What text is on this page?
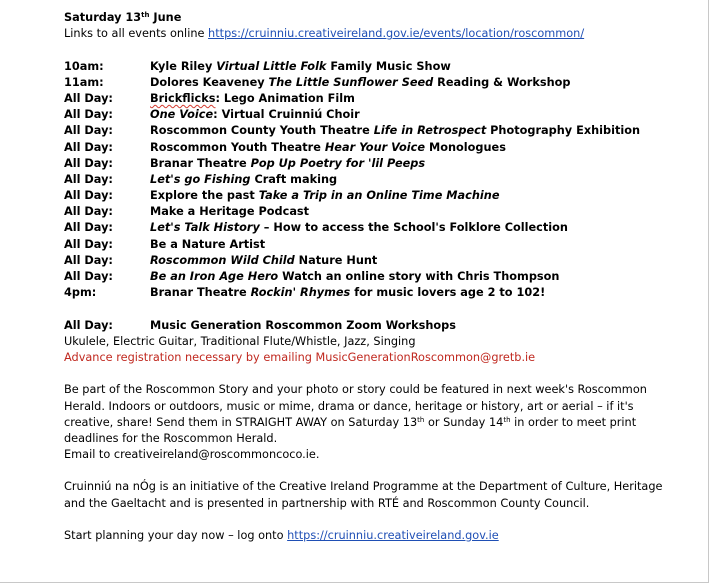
Saturday 13th June
Links to all events online https://cruinniu.creativeireland.gov.ie/events/location/roscommon/
10am:	Kyle Riley Virtual Little Folk Family Music Show
11am:	Dolores Keaveney The Little Sunflower Seed Reading & Workshop
All Day:	Brickflicks: Lego Animation Film
All Day:	One Voice: Virtual Cruinniú Choir
All Day:	Roscommon County Youth Theatre Life in Retrospect Photography Exhibition
All Day:	Roscommon Youth Theatre Hear Your Voice Monologues
All Day:	Branar Theatre Pop Up Poetry for 'lil Peeps
All Day:	Let's go Fishing Craft making
All Day:	Explore the past Take a Trip in an Online Time Machine
All Day:	Make a Heritage Podcast
All Day:	Let's Talk History – How to access the School's Folklore Collection
All Day:	Be a Nature Artist
All Day:	Roscommon Wild Child Nature Hunt
All Day:	Be an Iron Age Hero Watch an online story with Chris Thompson
4pm:	Branar Theatre Rockin' Rhymes for music lovers age 2 to 102!
All Day:	Music Generation Roscommon Zoom Workshops
Ukulele, Electric Guitar, Traditional Flute/Whistle, Jazz, Singing
Advance registration necessary by emailing MusicGenerationRoscommon@gretb.ie
Be part of the Roscommon Story and your photo or story could be featured in next week's Roscommon
Herald. Indoors or outdoors, music or mime, drama or dance, heritage or history, art or aerial – if it's
creative, share! Send them in STRAIGHT AWAY on Saturday 13th or Sunday 14th in order to meet print
deadlines for the Roscommon Herald.
Email to creativeireland@roscommoncoco.ie.
Cruinniú na nÓg is an initiative of the Creative Ireland Programme at the Department of Culture, Heritage
and the Gaeltacht and is presented in partnership with RTÉ and Roscommon County Council.
Start planning your day now – log onto https://cruinniu.creativeireland.gov.ie
